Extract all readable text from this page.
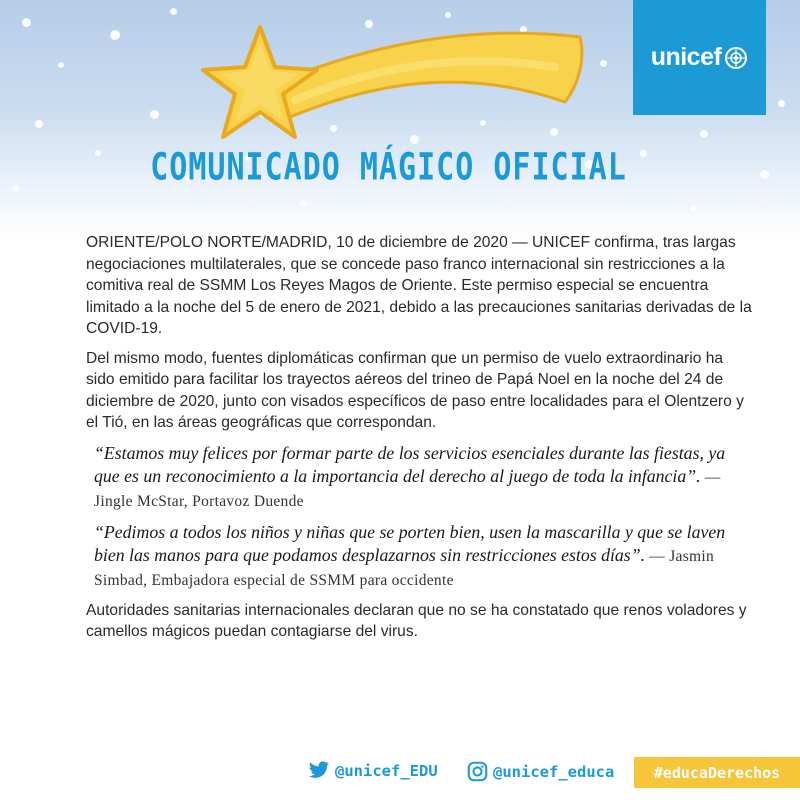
unicef
COMUNICADO MÁGICO OFICIAL

ORIENTE/POLO NORTE/MADRID, 10 de diciembre de 2020 — UNICEF confirma, tras largas negociaciones multilaterales, que se concede paso franco internacional sin restricciones a la comitiva real de SSMM Los Reyes Magos de Oriente. Este permiso especial se encuentra limitado a la noche del 5 de enero de 2021, debido a las precauciones sanitarias derivadas de la COVID-19.

Del mismo modo, fuentes diplomáticas confirman que un permiso de vuelo extraordinario ha sido emitido para facilitar los trayectos aéreos del trineo de Papá Noel en la noche del 24 de diciembre de 2020, junto con visados específicos de paso entre localidades para el Olentzero y el Tió, en las áreas geográficas que correspondan.

“Estamos muy felices por formar parte de los servicios esenciales durante las fiestas, ya que es un reconocimiento a la importancia del derecho al juego de toda la infancia”. — Jingle McStar, Portavoz Duende

“Pedimos a todos los niños y niñas que se porten bien, usen la mascarilla y que se laven bien las manos para que podamos desplazarnos sin restricciones estos días”. — Jasmin Simbad, Embajadora especial de SSMM para occidente

Autoridades sanitarias internacionales declaran que no se ha constatado que renos voladores y camellos mágicos puedan contagiarse del virus.

@unicef_EDU	@unicef_educa	#educaDerechos
